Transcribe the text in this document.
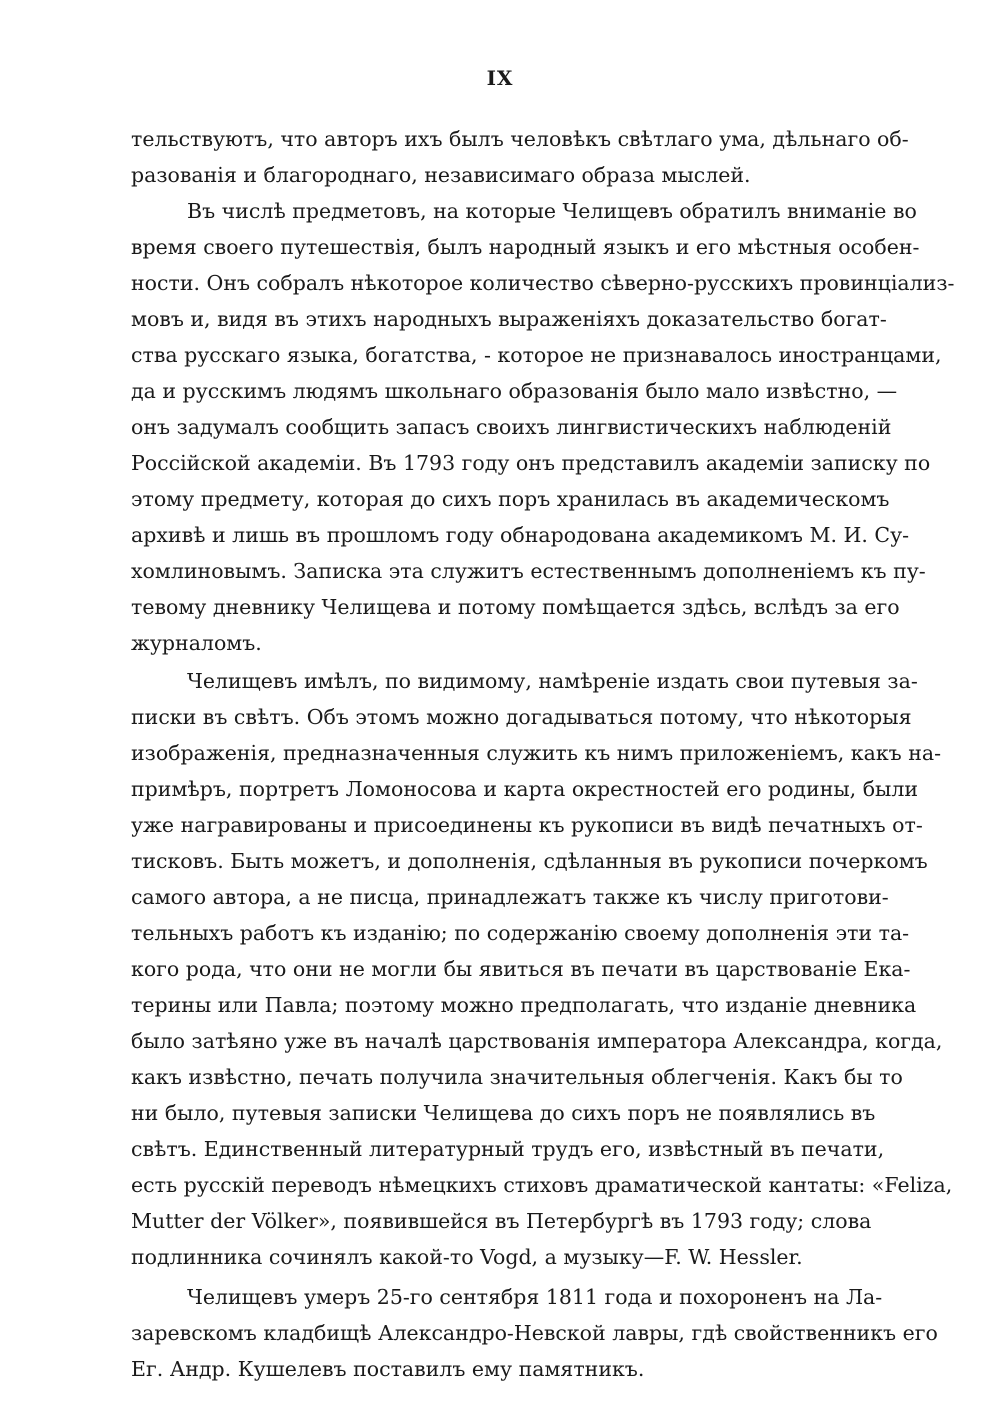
IX
тельствуютъ, что авторъ ихъ былъ человѣкъ свѣтлаго ума, дѣльнаго об-
разованія и благороднаго, независимаго образа мыслей.
Въ числѣ предметовъ, на которые Челищевъ обратилъ вниманіе во
время своего путешествія, былъ народный языкъ и его мѣстныя особен-
ности. Онъ собралъ нѣкоторое количество сѣверно-русскихъ провинціализ-
мовъ и, видя въ этихъ народныхъ выраженіяхъ доказательство богат-
ства русскаго языка, богатства, - которое не признавалось иностранцами,
да и русскимъ людямъ школьнаго образованія было мало извѣстно, —
онъ задумалъ сообщить запасъ своихъ лингвистическихъ наблюденій
Россійской академіи. Въ 1793 году онъ представилъ академіи записку по
этому предмету, которая до сихъ поръ хранилась въ академическомъ
архивѣ и лишь въ прошломъ году обнародована академикомъ М. И. Су-
хомлиновымъ. Записка эта служитъ естественнымъ дополненіемъ къ пу-
тевому дневнику Челищева и потому помѣщается здѣсь, вслѣдъ за его
журналомъ.
Челищевъ имѣлъ, по видимому, намѣреніе издать свои путевыя за-
писки въ свѣтъ. Объ этомъ можно догадываться потому, что нѣкоторыя
изображенія, предназначенныя служить къ нимъ приложеніемъ, какъ на-
примѣръ, портретъ Ломоносова и карта окрестностей его родины, были
уже награвированы и присоединены къ рукописи въ видѣ печатныхъ от-
тисковъ. Быть можетъ, и дополненія, сдѣланныя въ рукописи почеркомъ
самого автора, а не писца, принадлежатъ также къ числу приготови-
тельныхъ работъ къ изданію; по содержанію своему дополненія эти та-
кого рода, что они не могли бы явиться въ печати въ царствованіе Ека-
терины или Павла; поэтому можно предполагать, что изданіе дневника
было затѣяно уже въ началѣ царствованія императора Александра, когда,
какъ извѣстно, печать получила значительныя облегченія. Какъ бы то
ни было, путевыя записки Челищева до сихъ поръ не появлялись въ
свѣтъ. Единственный литературный трудъ его, извѣстный въ печати,
есть русскій переводъ нѣмецкихъ стиховъ драматической кантаты: «Feliza,
Mutter der Völker», появившейся въ Петербургѣ въ 1793 году; слова
подлинника сочинялъ какой-то Vogd, а музыку—F. W. Hessler.
Челищевъ умеръ 25-го сентября 1811 года и похороненъ на Ла-
заревскомъ кладбищѣ Александро-Невской лавры, гдѣ свойственникъ его
Ег. Андр. Кушелевъ поставилъ ему памятникъ.
